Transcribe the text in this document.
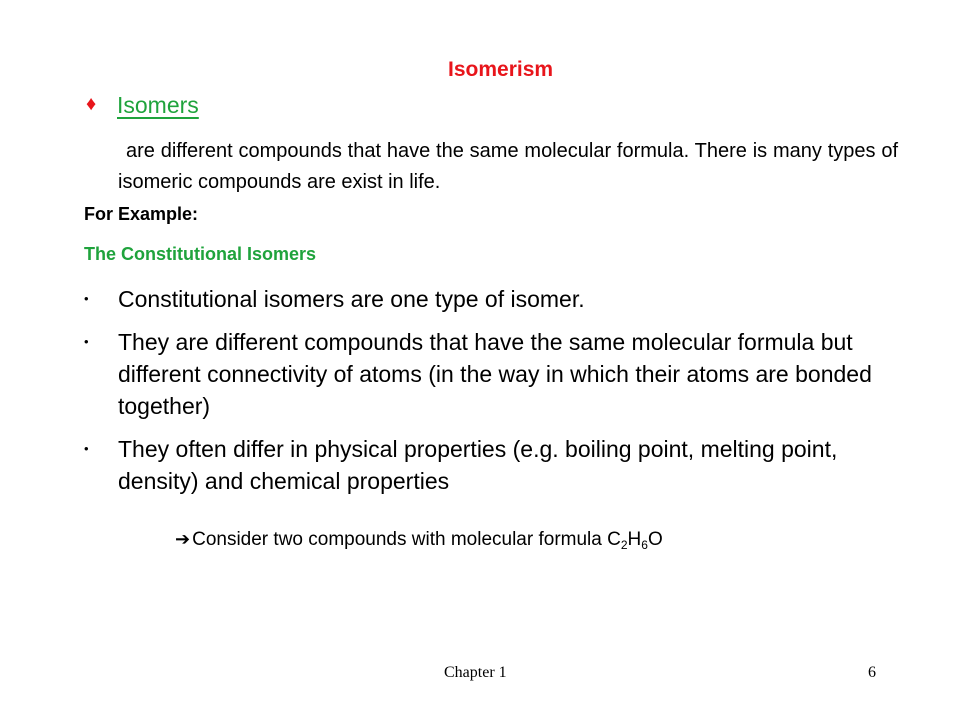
Isomerism
♦ Isomers
are different compounds that have the same molecular formula. There is many types of isomeric compounds are exist in life.
For Example:
The Constitutional Isomers
• Constitutional isomers are one type of isomer.
• They are different compounds that have the same molecular formula but different connectivity of atoms (in the way in which their atoms are bonded together)
• They often differ in physical properties (e.g. boiling point, melting point, density) and chemical properties
➔ Consider two compounds with molecular formula $C_2H_6O$
Chapter 1	6
